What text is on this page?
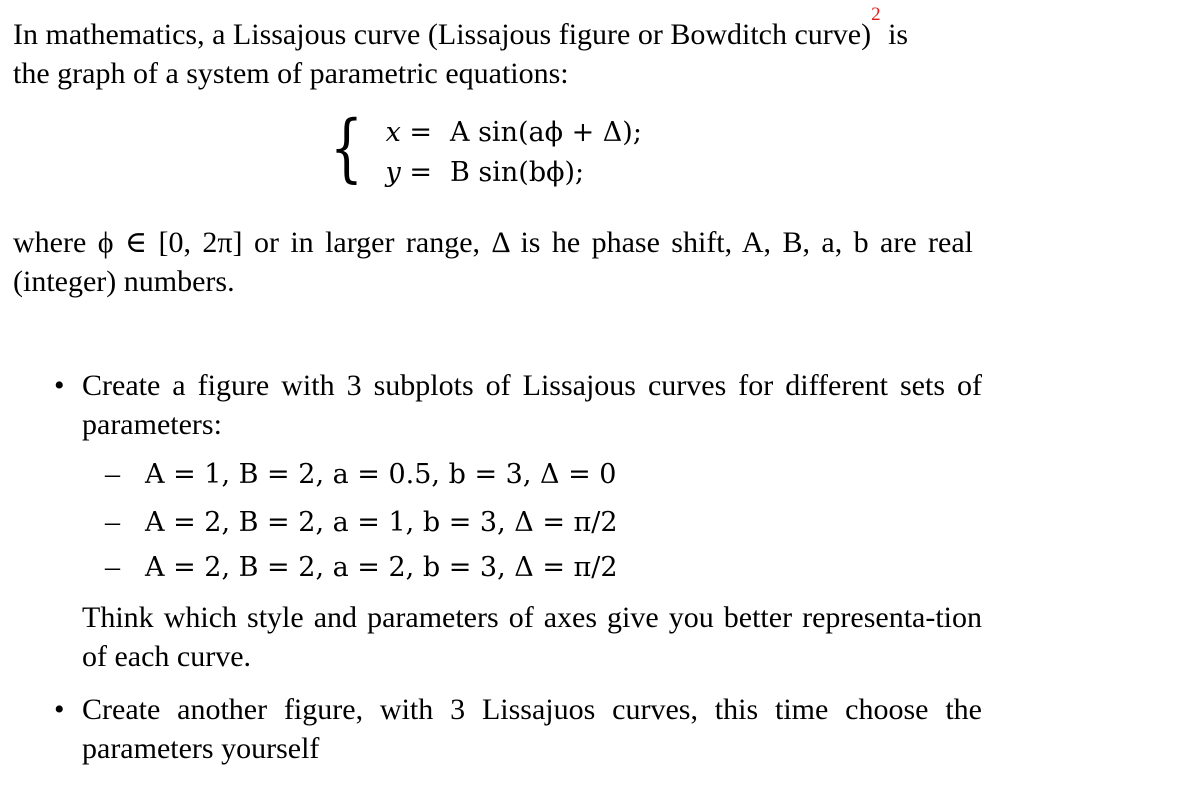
In mathematics, a Lissajous curve (Lissajous figure or Bowditch curve)$^2$ is
the graph of a system of parametric equations:
{ x = A sin(aϕ + Δ);
y = B sin(bϕ);
where ϕ ∈ [0, 2π] or in larger range, Δ is he phase shift, A, B, a, b are real (integer) numbers.
• Create a figure with 3 subplots of Lissajous curves for different sets of parameters:
• Create another figure, with 3 Lissajuos curves, this time choose the parameters yourself
– A = 1, B = 2, a = 0.5, b = 3, Δ = 0
– A = 2, B = 2, a = 1, b = 3, Δ = π/2
– A = 2, B = 2, a = 2, b = 3, Δ = π/2
Think which style and parameters of axes give you better representa-tion of each curve.
